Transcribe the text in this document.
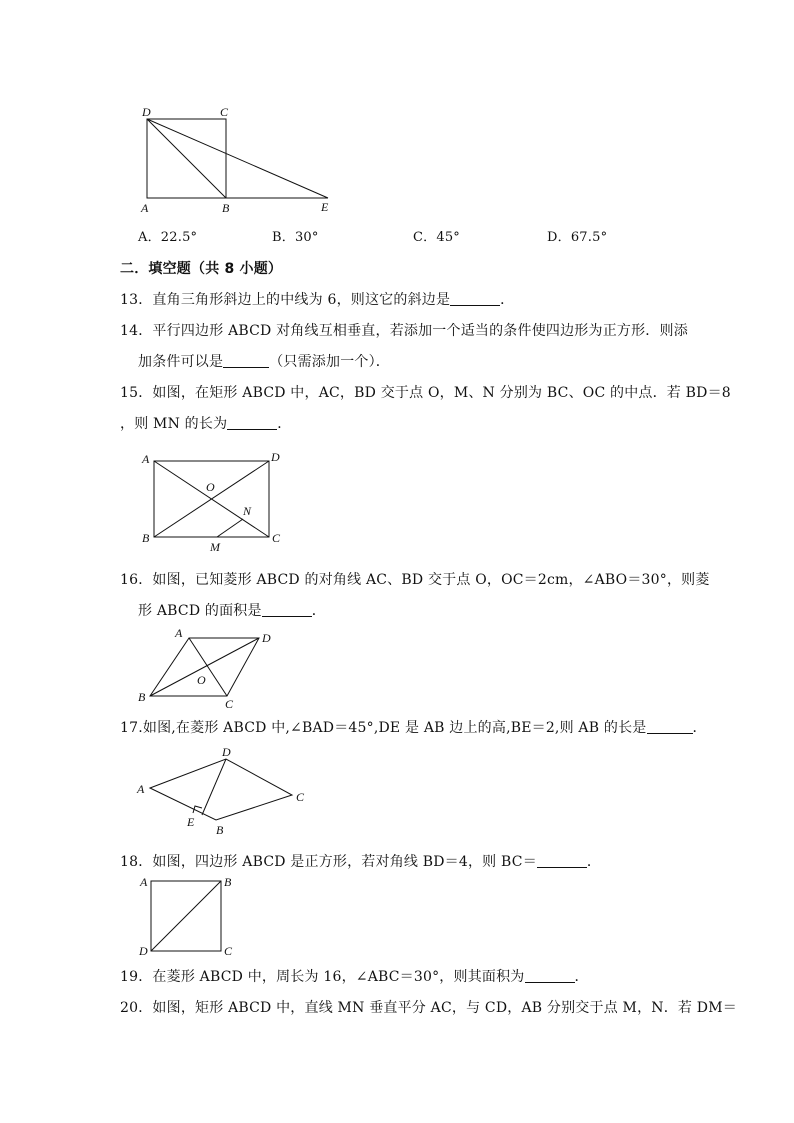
D	C
A	B	E
A．22.5°	B．30°	C．45°	D．67.5°
二．填空题（共 8 小题）
13．直角三角形斜边上的中线为 6，则这它的斜边是	．
14．平行四边形 ABCD 对角线互相垂直，若添加一个适当的条件使四边形为正方形．则添
加条件可以是	（只需添加一个）．
15．如图，在矩形 ABCD 中，AC，BD 交于点 O，M、N 分别为 BC、OC 的中点．若 BD＝8
，则 MN 的长为	．
A	D
O
N
B
M
C
16．如图，已知菱形 ABCD 的对角线 AC、BD 交于点 O，OC＝2cm，∠ABO＝30°，则菱
形 ABCD 的面积是	．
A	D
O
B	C
17.如图,在菱形 ABCD 中,∠BAD＝45°,DE 是 AB 边上的高,BE＝2,则 AB 的长是	．
D
A
C
E
B
18．如图，四边形 ABCD 是正方形，若对角线 BD＝4，则 BC＝	．
A	B
D	C
19．在菱形 ABCD 中，周长为 16，∠ABC＝30°，则其面积为	．
20．如图，矩形 ABCD 中，直线 MN 垂直平分 AC，与 CD，AB 分别交于点 M，N．若 DM＝
